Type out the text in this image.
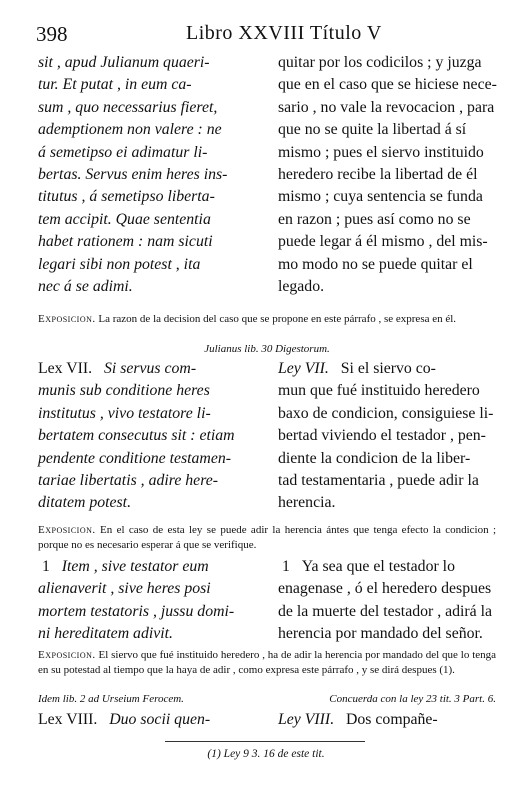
398	Libro XXVIII Título V
sit , apud Julianum quaeri-
tur. Et putat , in eum ca-
sum , quo necessarius fieret,
ademptionem non valere : ne
á semetipso ei adimatur li-
bertas. Servus enim heres ins-
titutus , á semetipso liberta-
tem accipit. Quae sententia
habet rationem : nam sicuti
legari sibi non potest , ita
nec á se adimi.
quitar por los codicilos ; y juzga
que en el caso que se hiciese nece-
sario , no vale la revocacion , para
que no se quite la libertad á sí
mismo ; pues el siervo instituido
heredero recibe la libertad de él
mismo ; cuya sentencia se funda
en razon ; pues así como no se
puede legar á él mismo , del mis-
mo modo no se puede quitar el
legado.
Exposicion. La razon de la decision del caso que se propone en este párrafo , se expresa en él.
Julianus lib. 30 Digestorum.
Lex VII. Si servus com-
munis sub conditione heres
institutus , vivo testatore li-
bertatem consecutus sit : etiam
pendente conditione testamen-
tariae libertatis , adire here-
ditatem potest.
Ley VII. Si el siervo co-
mun que fué instituido heredero
baxo de condicion, consiguiese li-
bertad viviendo el testador , pen-
diente la condicion de la liber-
tad testamentaria , puede adir la
herencia.
Exposicion. En el caso de esta ley se puede adir la herencia ántes que tenga efecto la condicion ; porque no es necesario esperar á que se verifique.
1 Item , sive testator eum
alienaverit , sive heres posi
mortem testatoris , jussu domi-
ni hereditatem adivit.
1 Ya sea que el testador lo
enagenase , ó el heredero despues
de la muerte del testador , adirá la
herencia por mandado del señor.
Exposicion. El siervo que fué instituido heredero , ha de adir la herencia por mandado del que lo tenga en su potestad al tiempo que la haya de adir , como expresa este párrafo , y se dirá despues (1).
Idem lib. 2 ad Urseium Ferocem.	Concuerda con la ley 23 tit. 3 Part. 6.
Lex VIII. Duo socii quen-	Ley VIII. Dos compañe-
(1) Ley 9 3. 16 de este tit.
